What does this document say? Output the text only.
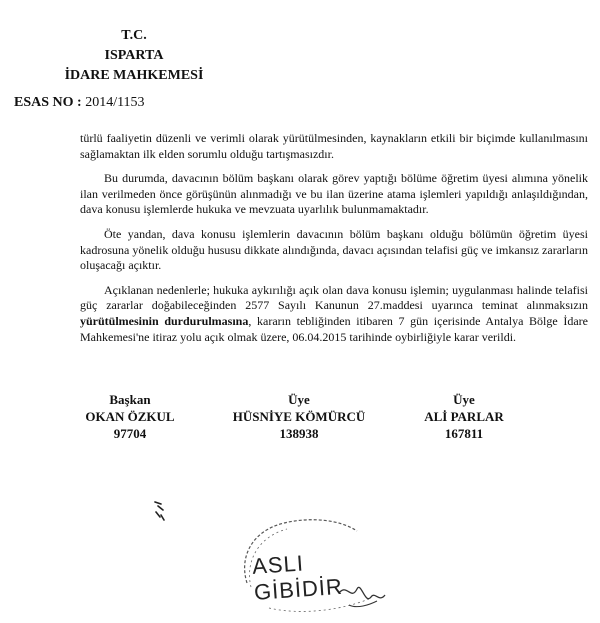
T.C.
ISPARTA
İDARE MAHKEMESİ
ESAS NO : 2014/1153

türlü faaliyetin düzenli ve verimli olarak yürütülmesinden, kaynakların etkili bir biçimde kullanılmasını sağlamaktan ilk elden sorumlu olduğu tartışmasızdır.

Bu durumda, davacının bölüm başkanı olarak görev yaptığı bölüme öğretim üyesi alımına yönelik ilan verilmeden önce görüşünün alınmadığı ve bu ilan üzerine atama işlemleri yapıldığı anlaşıldığından, dava konusu işlemlerde hukuka ve mevzuata uyarlılık bulunmamaktadır.

Öte yandan, dava konusu işlemlerin davacının bölüm başkanı olduğu bölümün öğretim üyesi kadrosuna yönelik olduğu hususu dikkate alındığında, davacı açısından telafisi güç ve imkansız zararların oluşacağı açıktır.

Açıklanan nedenlerle; hukuka aykırılığı açık olan dava konusu işlemin; uygulanması halinde telafisi güç zararlar doğabileceğinden 2577 Sayılı Kanunun 27.maddesi uyarınca teminat alınmaksızın yürütülmesinin durdurulmasına, kararın tebliğinden itibaren 7 gün içerisinde Antalya Bölge İdare Mahkemesi'ne itiraz yolu açık olmak üzere, 06.04.2015 tarihinde oybirliğiyle karar verildi.

Başkan
OKAN ÖZKUL
97704
Üye
HÜSNİYE KÖMÜRCÜ
138938
Üye
ALİ PARLAR
167811
ASLI GİBİDİR
